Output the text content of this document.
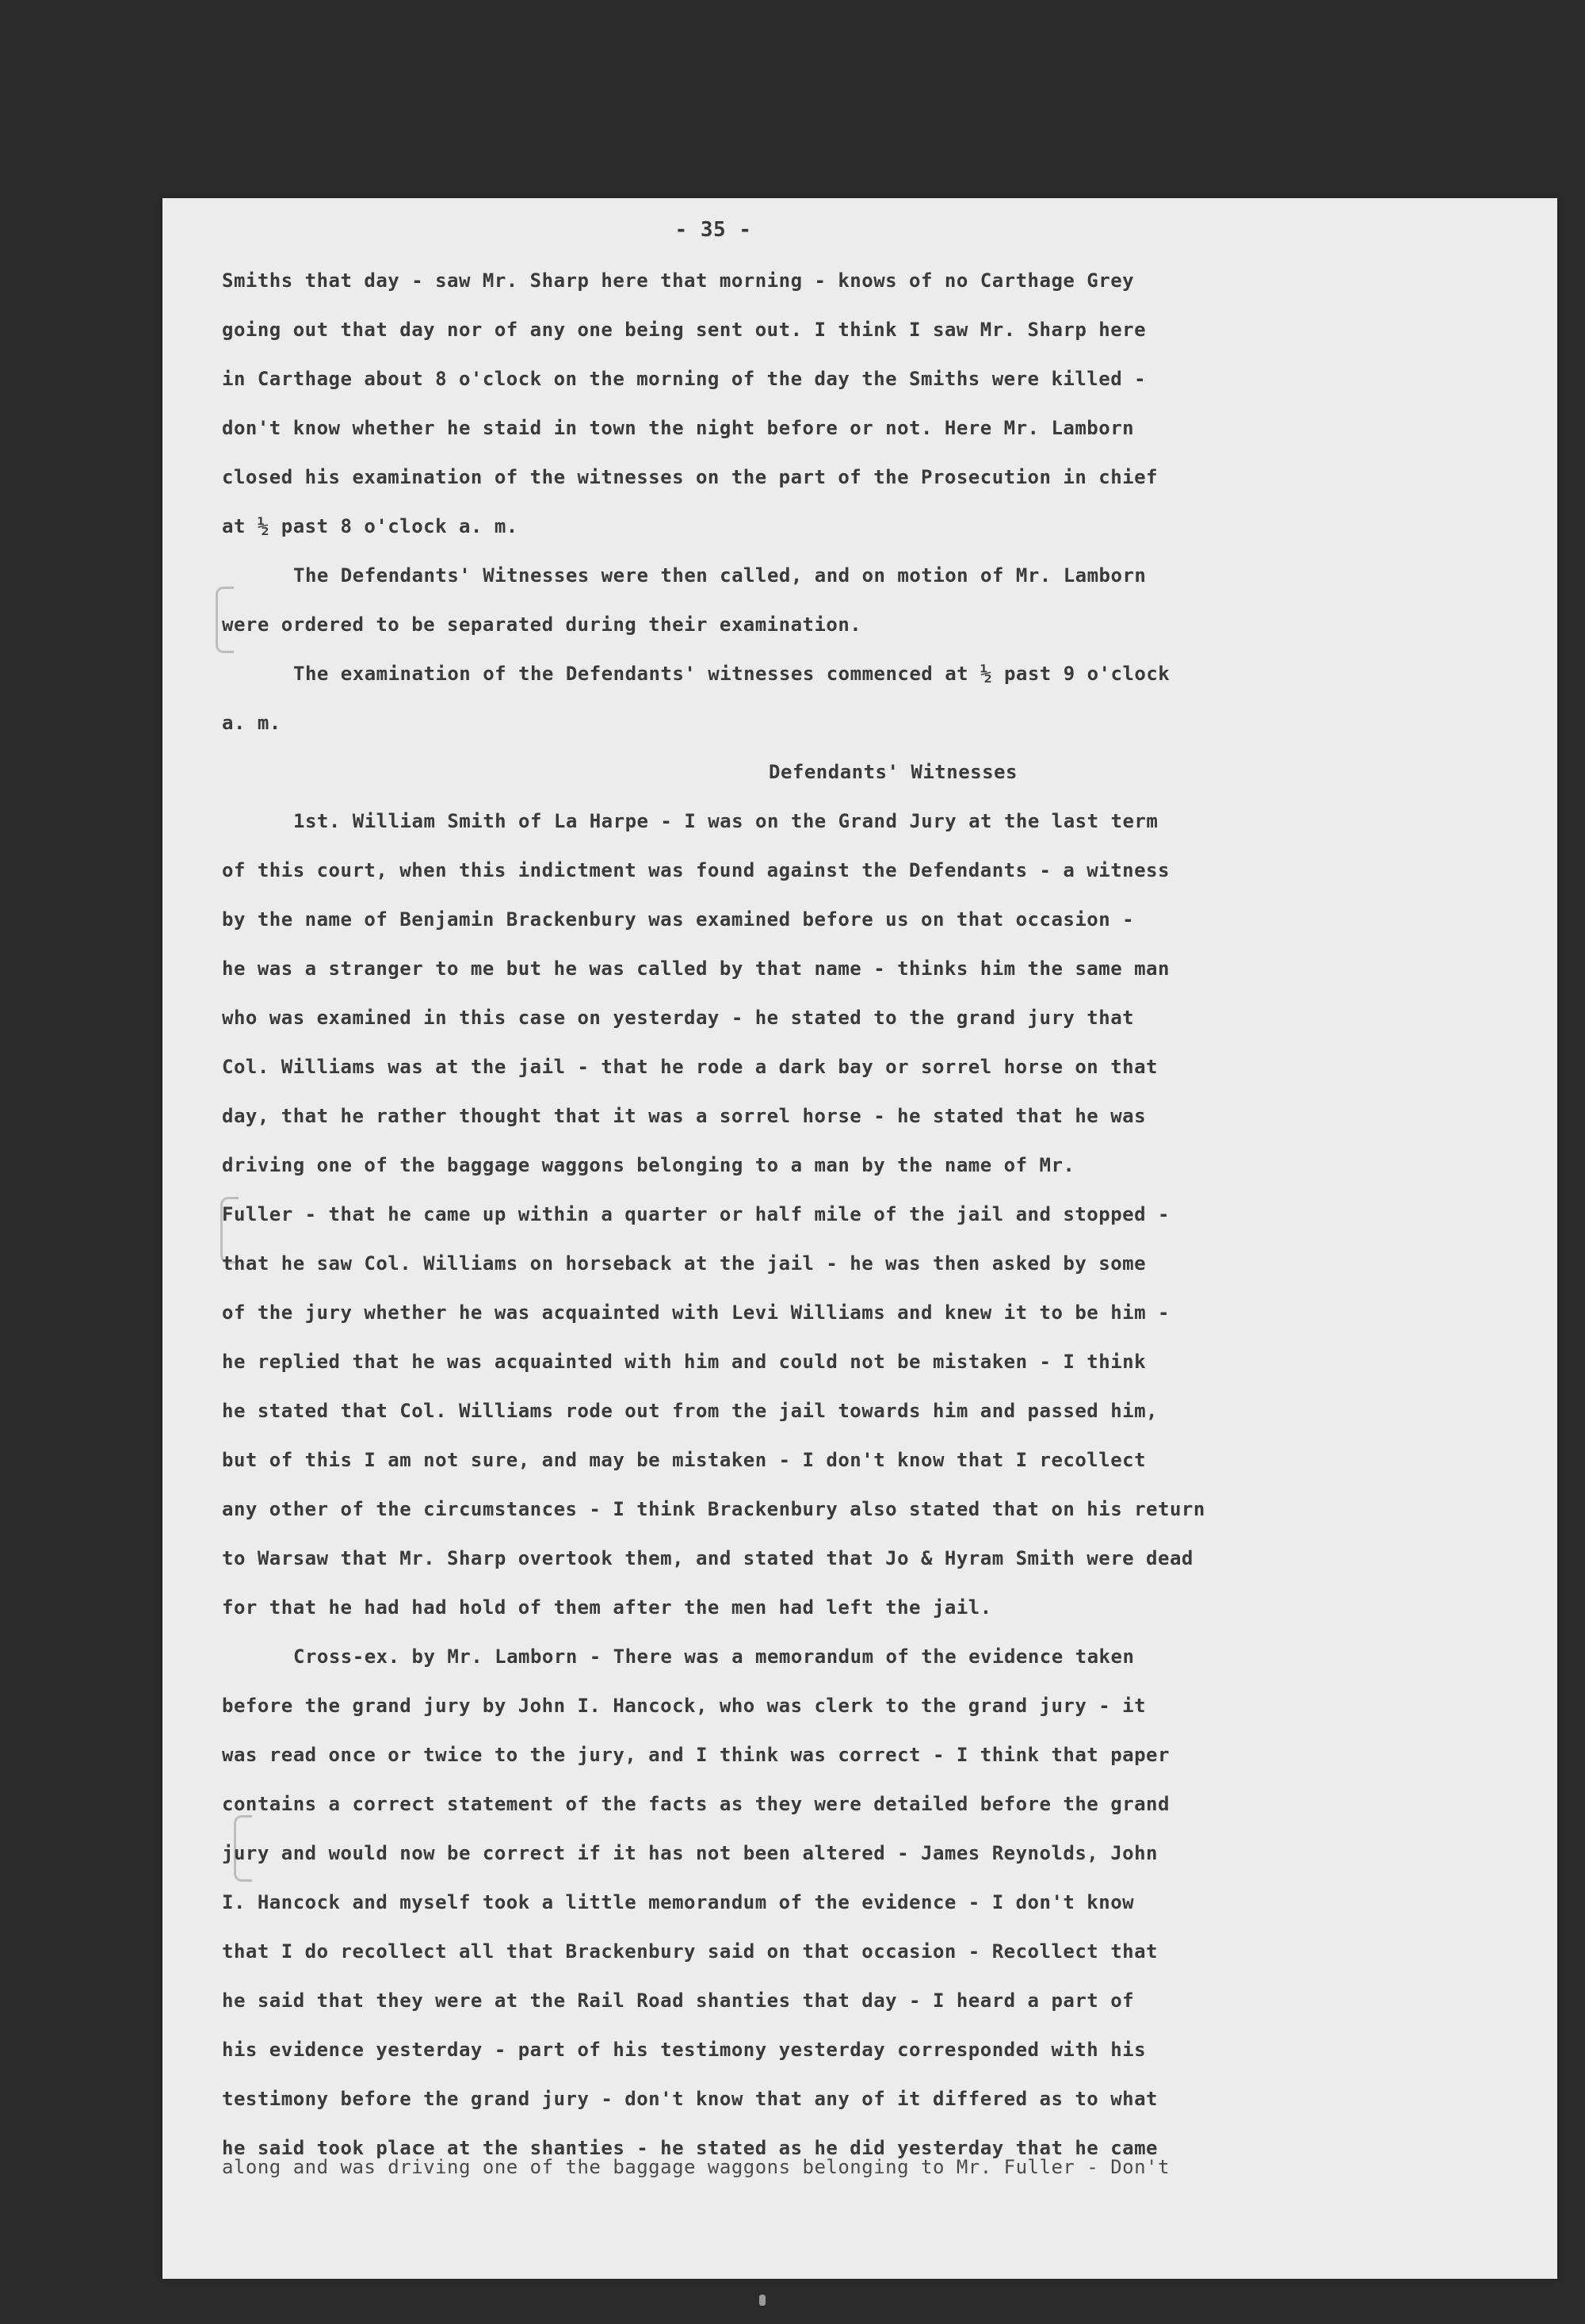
- 35 -
Smiths that day - saw Mr. Sharp here that morning - knows of no Carthage Grey
going out that day nor of any one being sent out. I think I saw Mr. Sharp here
in Carthage about 8 o'clock on the morning of the day the Smiths were killed -
don't know whether he staid in town the night before or not. Here Mr. Lamborn
closed his examination of the witnesses on the part of the Prosecution in chief
at ½ past 8 o'clock a. m.
The Defendants' Witnesses were then called, and on motion of Mr. Lamborn
were ordered to be separated during their examination.
The examination of the Defendants' witnesses commenced at ½ past 9 o'clock
a. m.
Defendants' Witnesses
1st. William Smith of La Harpe - I was on the Grand Jury at the last term
of this court, when this indictment was found against the Defendants - a witness
by the name of Benjamin Brackenbury was examined before us on that occasion -
he was a stranger to me but he was called by that name - thinks him the same man
who was examined in this case on yesterday - he stated to the grand jury that
Col. Williams was at the jail - that he rode a dark bay or sorrel horse on that
day, that he rather thought that it was a sorrel horse - he stated that he was
driving one of the baggage waggons belonging to a man by the name of Mr.
Fuller - that he came up within a quarter or half mile of the jail and stopped -
that he saw Col. Williams on horseback at the jail - he was then asked by some
of the jury whether he was acquainted with Levi Williams and knew it to be him -
he replied that he was acquainted with him and could not be mistaken - I think
he stated that Col. Williams rode out from the jail towards him and passed him,
but of this I am not sure, and may be mistaken - I don't know that I recollect
any other of the circumstances - I think Brackenbury also stated that on his return
to Warsaw that Mr. Sharp overtook them, and stated that Jo & Hyram Smith were dead
for that he had had hold of them after the men had left the jail.
Cross-ex. by Mr. Lamborn - There was a memorandum of the evidence taken
before the grand jury by John I. Hancock, who was clerk to the grand jury - it
was read once or twice to the jury, and I think was correct - I think that paper
contains a correct statement of the facts as they were detailed before the grand
jury and would now be correct if it has not been altered - James Reynolds, John
I. Hancock and myself took a little memorandum of the evidence - I don't know
that I do recollect all that Brackenbury said on that occasion - Recollect that
he said that they were at the Rail Road shanties that day - I heard a part of
his evidence yesterday - part of his testimony yesterday corresponded with his
testimony before the grand jury - don't know that any of it differed as to what
he said took place at the shanties - he stated as he did yesterday that he came
along and was driving one of the baggage waggons belonging to Mr. Fuller - Don't
